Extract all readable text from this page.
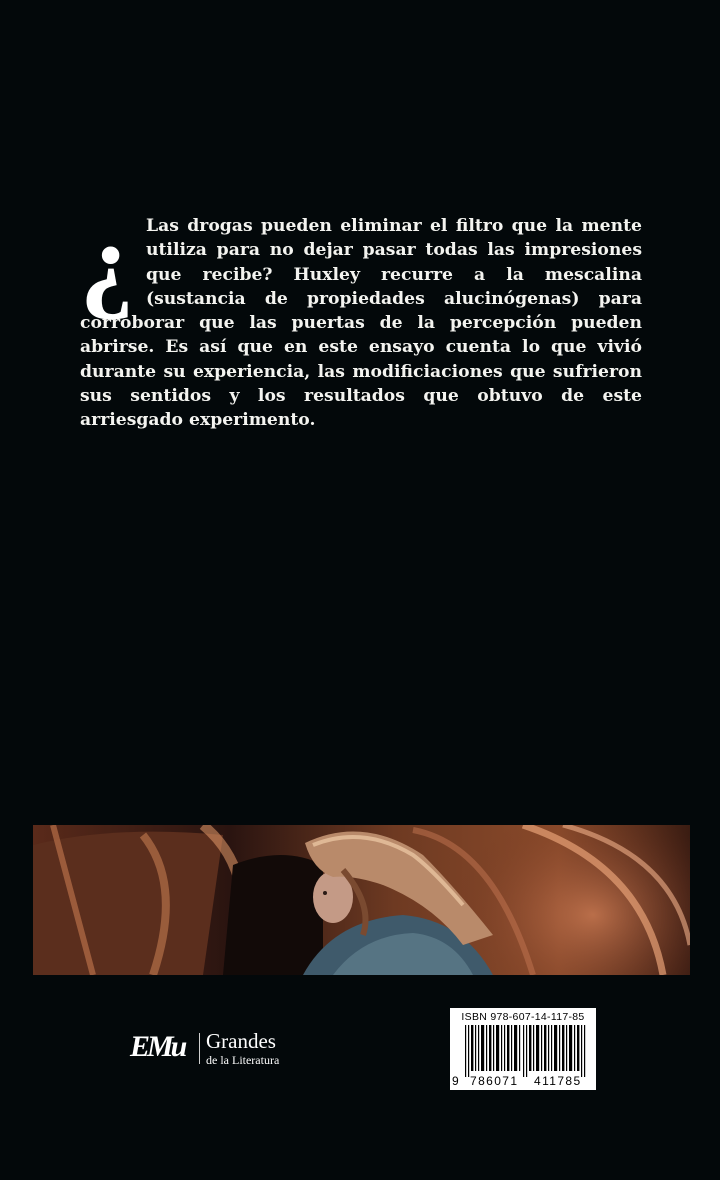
¿ Las drogas pueden eliminar el filtro que la mente utiliza para no dejar pasar todas las impresiones que recibe? Huxley recurre a la mescalina (sustancia de propiedades alucinógenas) para corroborar que las puertas de la percepción pueden abrirse. Es así que en este ensayo cuenta lo que vivió durante su experiencia, las modificiaciones que sufrieron sus sentidos y los resultados que obtuvo de este arriesgado experimento.

EMu Grandes
de la Literatura
ISBN 978-607-14-117-85
9 786071 411785
